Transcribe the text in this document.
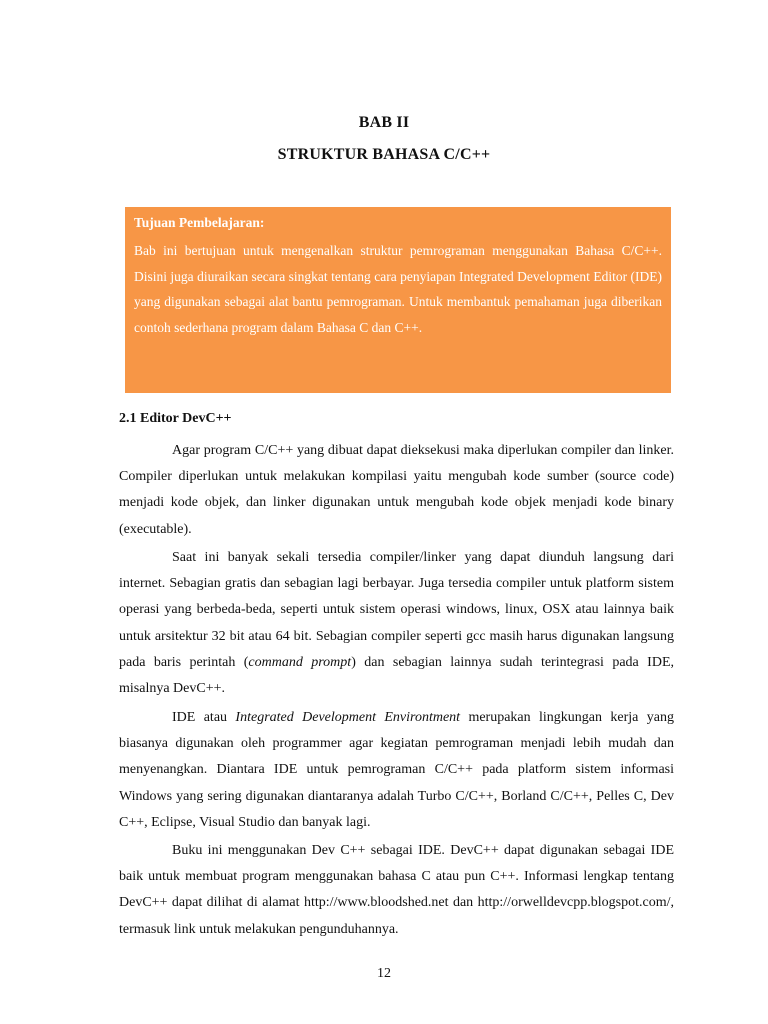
BAB II
STRUKTUR BAHASA C/C++

Tujuan Pembelajaran:

Bab ini bertujuan untuk mengenalkan struktur pemrograman menggunakan Bahasa C/C++. Disini juga diuraikan secara singkat tentang cara penyiapan Integrated Development Editor (IDE) yang digunakan sebagai alat bantu pemrograman. Untuk membantuk pemahaman juga diberikan contoh sederhana program dalam Bahasa C dan C++.

2.1 Editor DevC++

Agar program C/C++ yang dibuat dapat dieksekusi maka diperlukan compiler dan linker. Compiler diperlukan untuk melakukan kompilasi yaitu mengubah kode sumber (source code) menjadi kode objek, dan linker digunakan untuk mengubah kode objek menjadi kode binary (executable).

Saat ini banyak sekali tersedia compiler/linker yang dapat diunduh langsung dari internet. Sebagian gratis dan sebagian lagi berbayar. Juga tersedia compiler untuk platform sistem operasi yang berbeda-beda, seperti untuk sistem operasi windows, linux, OSX atau lainnya baik untuk arsitektur 32 bit atau 64 bit. Sebagian compiler seperti gcc masih harus digunakan langsung pada baris perintah (command prompt) dan sebagian lainnya sudah terintegrasi pada IDE, misalnya DevC++.

IDE atau Integrated Development Environtment merupakan lingkungan kerja yang biasanya digunakan oleh programmer agar kegiatan pemrograman menjadi lebih mudah dan menyenangkan. Diantara IDE untuk pemrograman C/C++ pada platform sistem informasi Windows yang sering digunakan diantaranya adalah Turbo C/C++, Borland C/C++, Pelles C, Dev C++, Eclipse, Visual Studio dan banyak lagi.

Buku ini menggunakan Dev C++ sebagai IDE. DevC++ dapat digunakan sebagai IDE baik untuk membuat program menggunakan bahasa C atau pun C++. Informasi lengkap tentang DevC++ dapat dilihat di alamat http://www.bloodshed.net dan http://orwelldevcpp.blogspot.com/, termasuk link untuk melakukan pengunduhannya.

12
